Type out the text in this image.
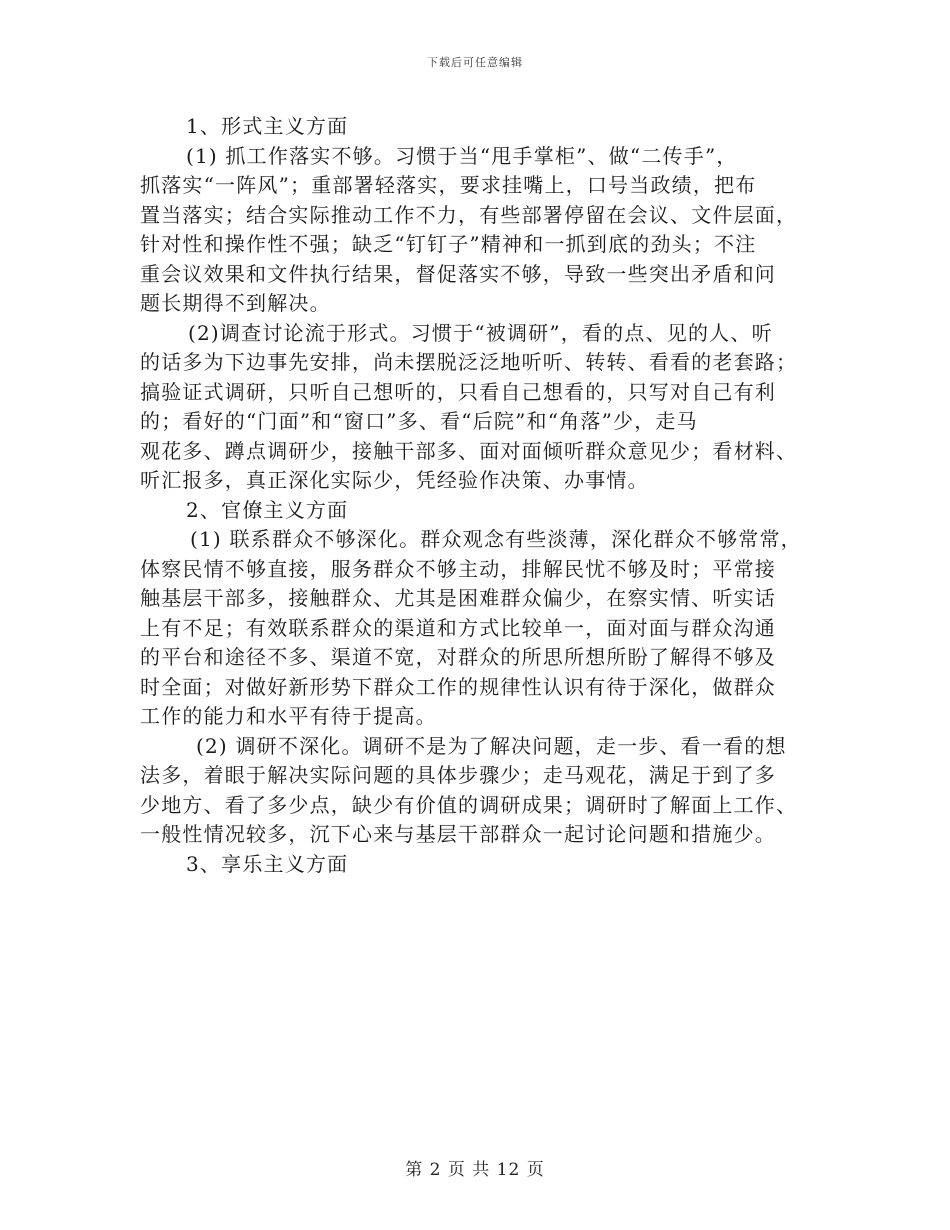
下载后可任意编辑
1、形式主义方面
(1) 抓工作落实不够。习惯于当“甩手掌柜”、做“二传手”，
抓落实“一阵风”；重部署轻落实，要求挂嘴上，口号当政绩，把布
置当落实；结合实际推动工作不力，有些部署停留在会议、文件层面，
针对性和操作性不强；缺乏“钉钉子”精神和一抓到底的劲头；不注
重会议效果和文件执行结果，督促落实不够，导致一些突出矛盾和问
题长期得不到解决。
(2)调查讨论流于形式。习惯于“被调研”，看的点、见的人、听
的话多为下边事先安排，尚未摆脱泛泛地听听、转转、看看的老套路；
搞验证式调研，只听自己想听的，只看自己想看的，只写对自己有利
的；看好的“门面”和“窗口”多、看“后院”和“角落”少，走马
观花多、蹲点调研少，接触干部多、面对面倾听群众意见少；看材料、
听汇报多，真正深化实际少，凭经验作决策、办事情。
2、官僚主义方面
(1) 联系群众不够深化。群众观念有些淡薄，深化群众不够常常，
体察民情不够直接，服务群众不够主动，排解民忧不够及时；平常接
触基层干部多，接触群众、尤其是困难群众偏少，在察实情、听实话
上有不足；有效联系群众的渠道和方式比较单一，面对面与群众沟通
的平台和途径不多、渠道不宽，对群众的所思所想所盼了解得不够及
时全面；对做好新形势下群众工作的规律性认识有待于深化，做群众
工作的能力和水平有待于提高。
(2) 调研不深化。调研不是为了解决问题，走一步、看一看的想
法多，着眼于解决实际问题的具体步骤少；走马观花，满足于到了多
少地方、看了多少点，缺少有价值的调研成果；调研时了解面上工作、
一般性情况较多，沉下心来与基层干部群众一起讨论问题和措施少。
3、享乐主义方面
第 2 页 共 12 页
